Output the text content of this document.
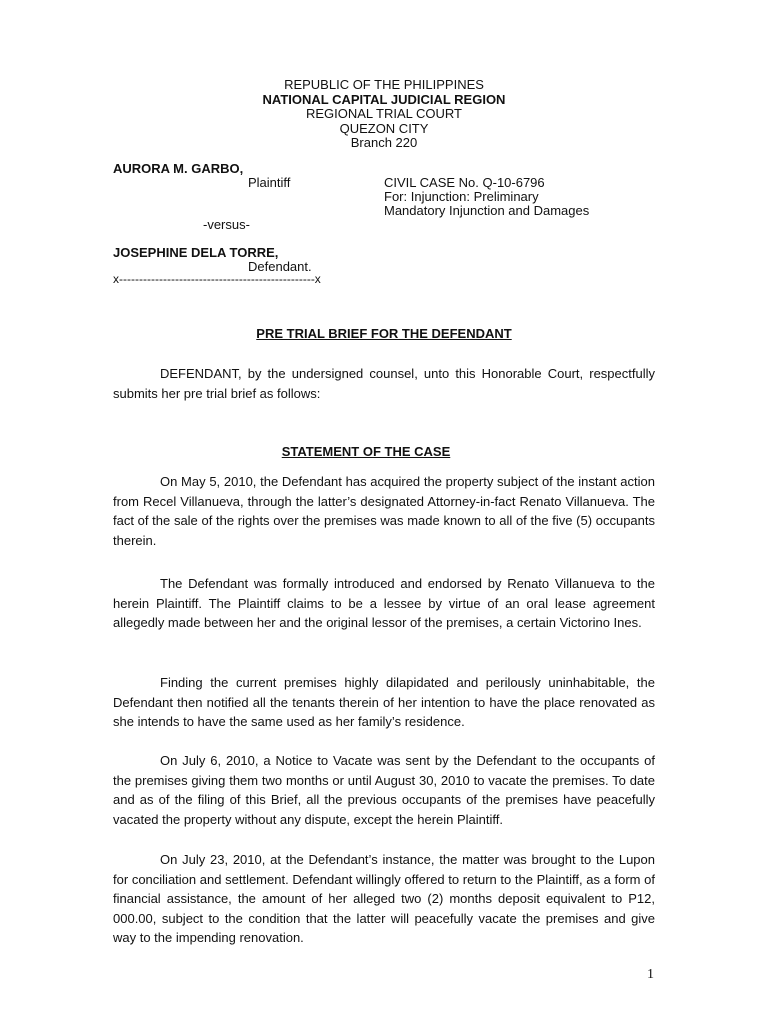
REPUBLIC OF THE PHILIPPINES
NATIONAL CAPITAL JUDICIAL REGION
REGIONAL TRIAL COURT
QUEZON CITY
Branch 220
AURORA M. GARBO,
Plaintiff	CIVIL CASE No. Q-10-6796
For: Injunction: Preliminary
Mandatory Injunction and Damages
-versus-
JOSEPHINE DELA TORRE,
Defendant.
x-------------------------------------------------x
PRE TRIAL BRIEF FOR THE DEFENDANT

DEFENDANT, by the undersigned counsel, unto this Honorable Court, respectfully submits her pre trial brief as follows:

STATEMENT OF THE CASE

On May 5, 2010, the Defendant has acquired the property subject of the instant action from Recel Villanueva, through the latter’s designated Attorney-in-fact Renato Villanueva. The fact of the sale of the rights over the premises was made known to all of the five (5) occupants therein.

The Defendant was formally introduced and endorsed by Renato Villanueva to the herein Plaintiff. The Plaintiff claims to be a lessee by virtue of an oral lease agreement allegedly made between her and the original lessor of the premises, a certain Victorino Ines.

Finding the current premises highly dilapidated and perilously uninhabitable, the Defendant then notified all the tenants therein of her intention to have the place renovated as she intends to have the same used as her family’s residence.

On July 6, 2010, a Notice to Vacate was sent by the Defendant to the occupants of the premises giving them two months or until August 30, 2010 to vacate the premises. To date and as of the filing of this Brief, all the previous occupants of the premises have peacefully vacated the property without any dispute, except the herein Plaintiff.

On July 23, 2010, at the Defendant’s instance, the matter was brought to the Lupon for conciliation and settlement. Defendant willingly offered to return to the Plaintiff, as a form of financial assistance, the amount of her alleged two (2) months deposit equivalent to P12, 000.00, subject to the condition that the latter will peacefully vacate the premises and give way to the impending renovation.

1
